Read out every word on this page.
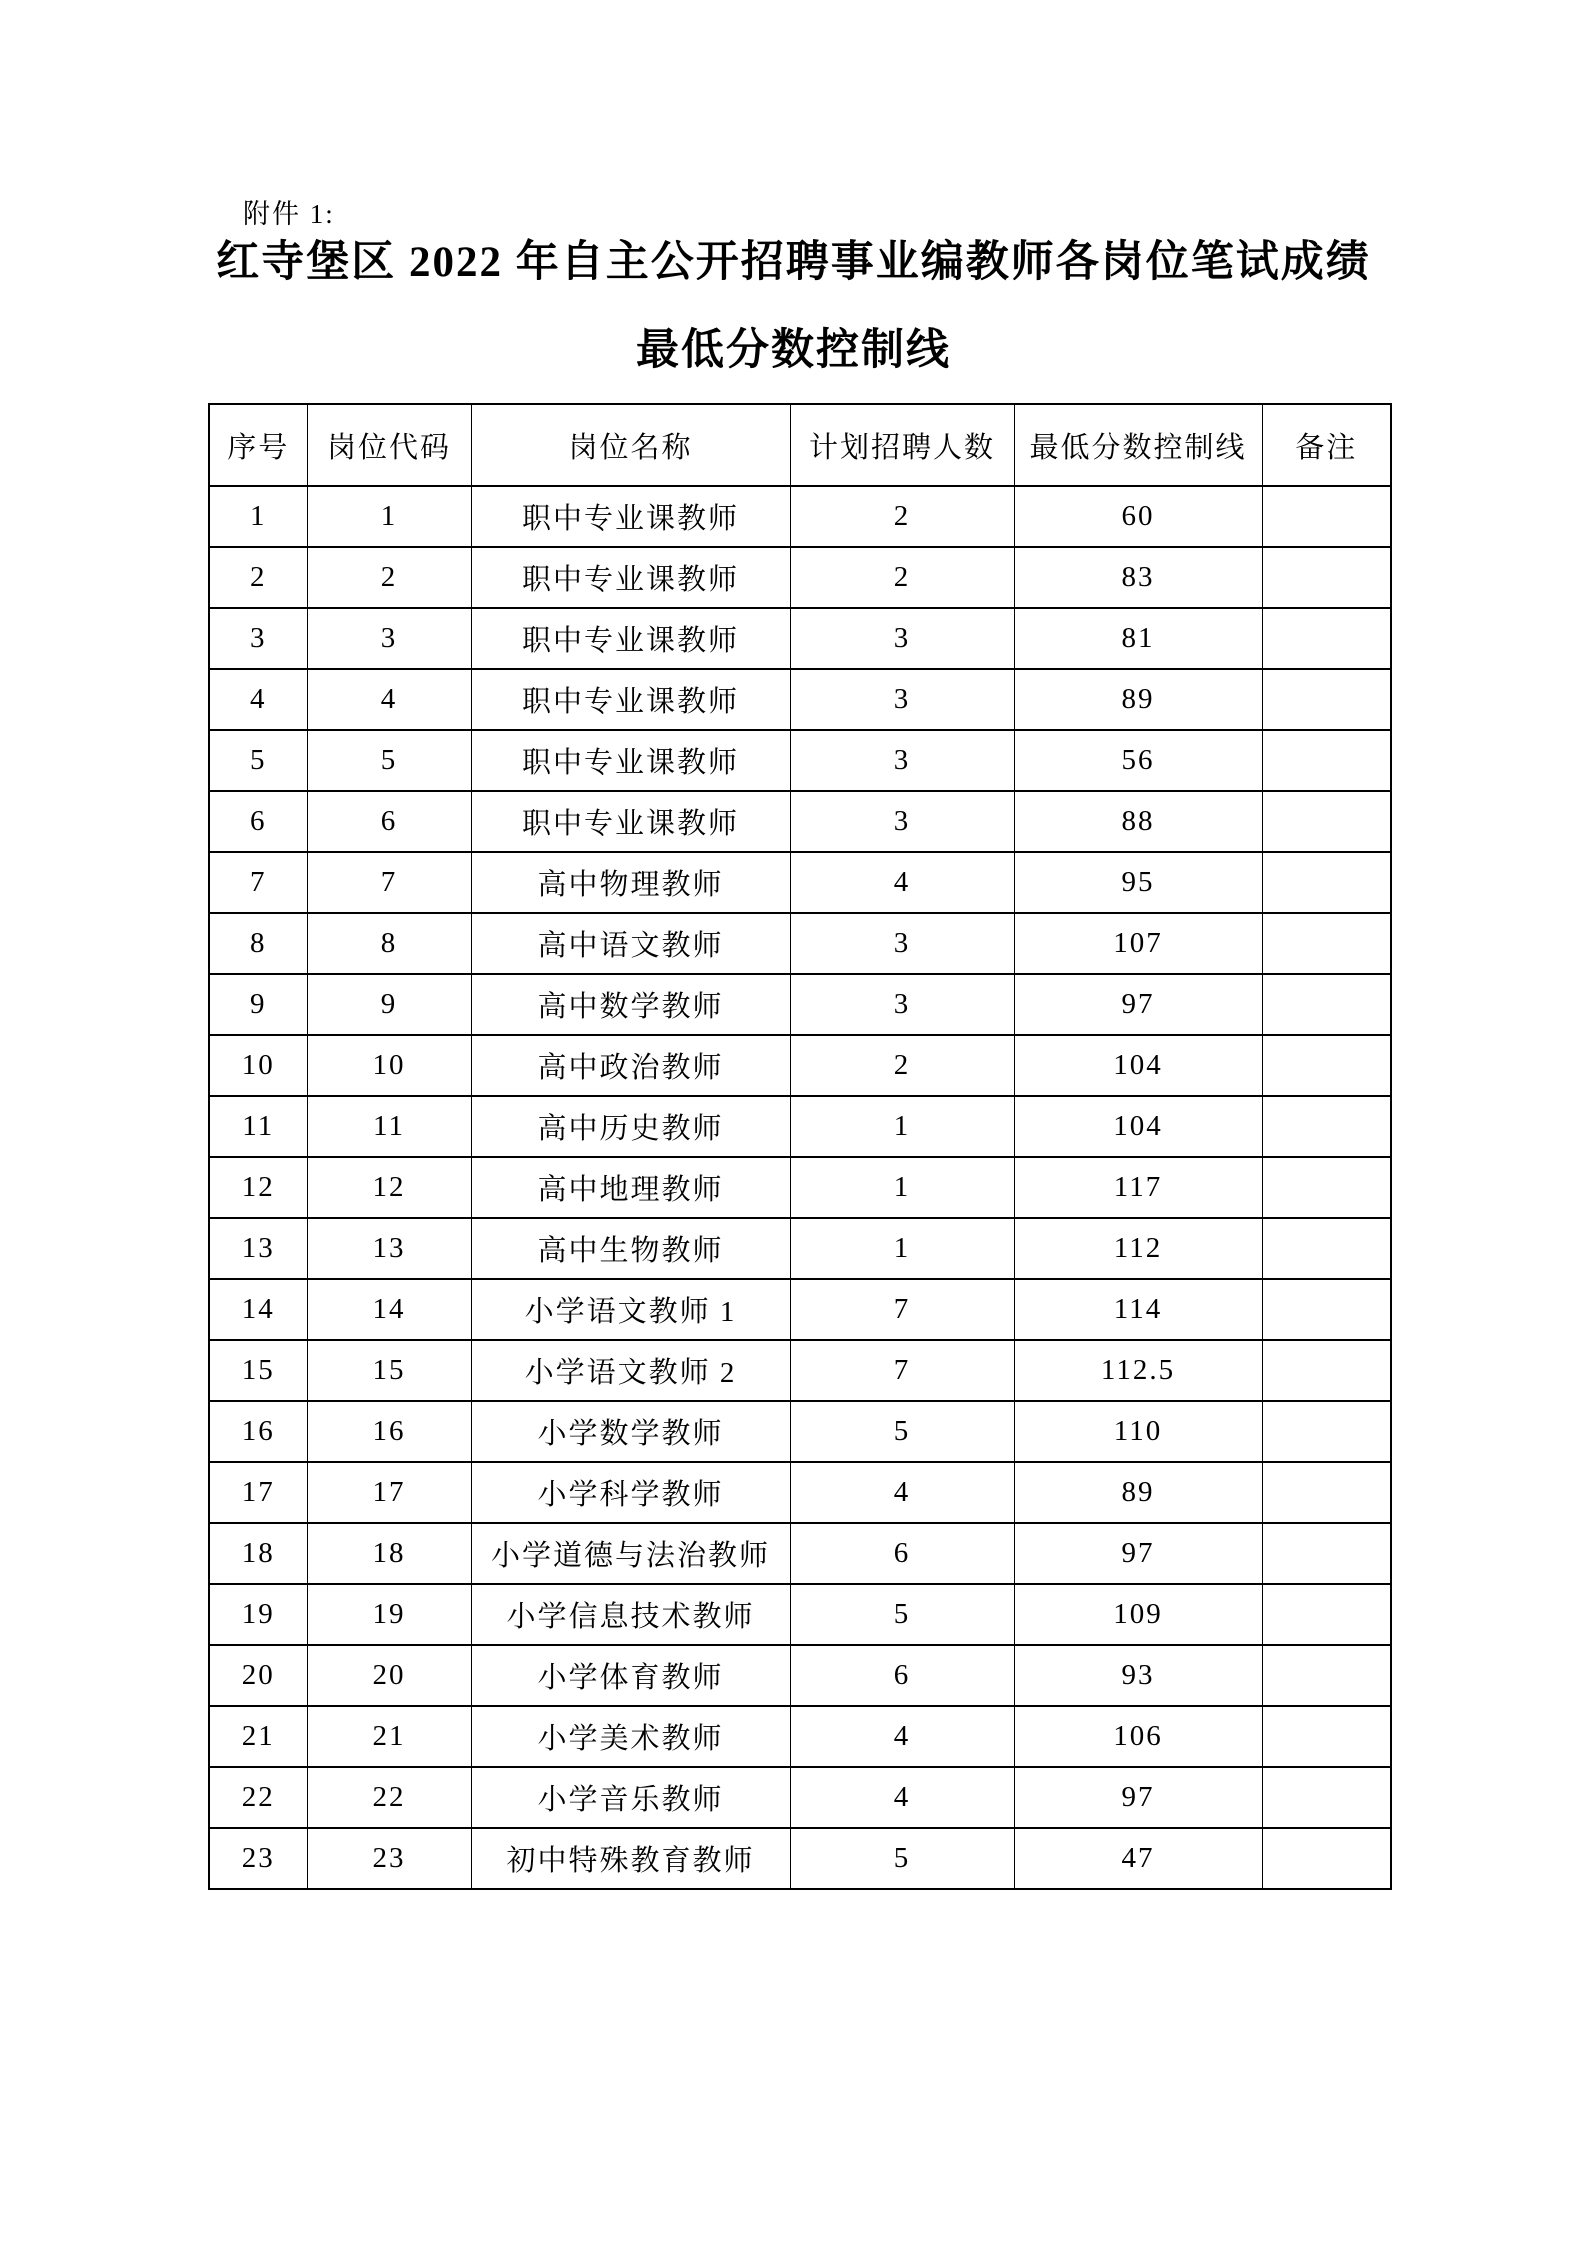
附件 1:
红寺堡区 2022 年自主公开招聘事业编教师各岗位笔试成绩
最低分数控制线
序号	岗位代码	岗位名称	计划招聘人数	最低分数控制线	备注
1	1	职中专业课教师	2	60	
2	2	职中专业课教师	2	83	
3	3	职中专业课教师	3	81	
4	4	职中专业课教师	3	89	
5	5	职中专业课教师	3	56	
6	6	职中专业课教师	3	88	
7	7	高中物理教师	4	95	
8	8	高中语文教师	3	107	
9	9	高中数学教师	3	97	
10	10	高中政治教师	2	104	
11	11	高中历史教师	1	104	
12	12	高中地理教师	1	117	
13	13	高中生物教师	1	112	
14	14	小学语文教师 1	7	114	
15	15	小学语文教师 2	7	112.5	
16	16	小学数学教师	5	110	
17	17	小学科学教师	4	89	
18	18	小学道德与法治教师	6	97	
19	19	小学信息技术教师	5	109	
20	20	小学体育教师	6	93	
21	21	小学美术教师	4	106	
22	22	小学音乐教师	4	97	
23	23	初中特殊教育教师	5	47	
